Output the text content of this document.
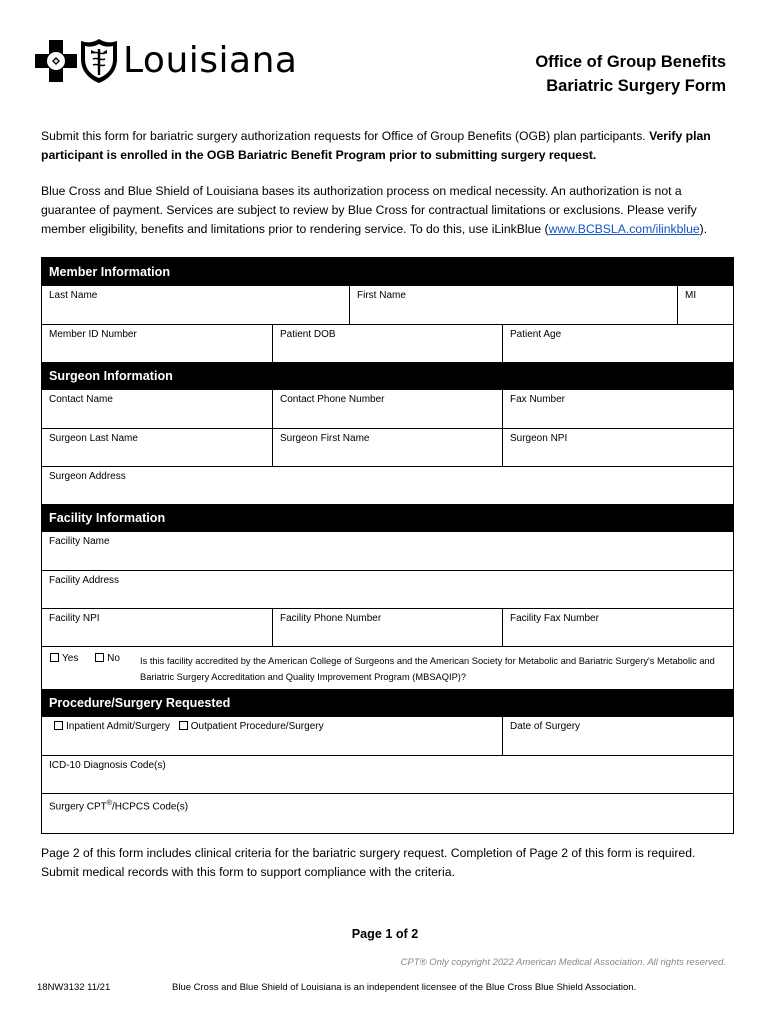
Louisiana	Office of Group Benefits
Bariatric Surgery Form

Submit this form for bariatric surgery authorization requests for Office of Group Benefits (OGB) plan participants. Verify plan participant is enrolled in the OGB Bariatric Benefit Program prior to submitting surgery request.

Blue Cross and Blue Shield of Louisiana bases its authorization process on medical necessity. An authorization is not a guarantee of payment. Services are subject to review by Blue Cross for contractual limitations or exclusions. Please verify member eligibility, benefits and limitations prior to rendering service. To do this, use iLinkBlue (www.BCBSLA.com/ilinkblue).

Member Information
Last Name	First Name	MI
Member ID Number	Patient DOB	Patient Age
Surgeon Information
Contact Name	Contact Phone Number	Fax Number
Surgeon Last Name	Surgeon First Name	Surgeon NPI
Surgeon Address
Facility Information
Facility Name
Facility Address
Facility NPI	Facility Phone Number	Facility Fax Number
Yes	No	Is this facility accredited by the American College of Surgeons and the American Society for Metabolic and Bariatric Surgery's Metabolic and Bariatric Surgery Accreditation and Quality Improvement Program (MBSAQIP)?
Procedure/Surgery Requested
Inpatient Admit/Surgery Outpatient Procedure/Surgery	Date of Surgery
ICD-10 Diagnosis Code(s)
Surgery CPT®/HCPCS Code(s)
Page 2 of this form includes clinical criteria for the bariatric surgery request. Completion of Page 2 of this form is required. Submit medical records with this form to support compliance with the criteria.
Page 1 of 2
CPT® Only copyright 2022 American Medical Association. All rights reserved.
18NW3132 11/21	Blue Cross and Blue Shield of Louisiana is an independent licensee of the Blue Cross Blue Shield Association.
